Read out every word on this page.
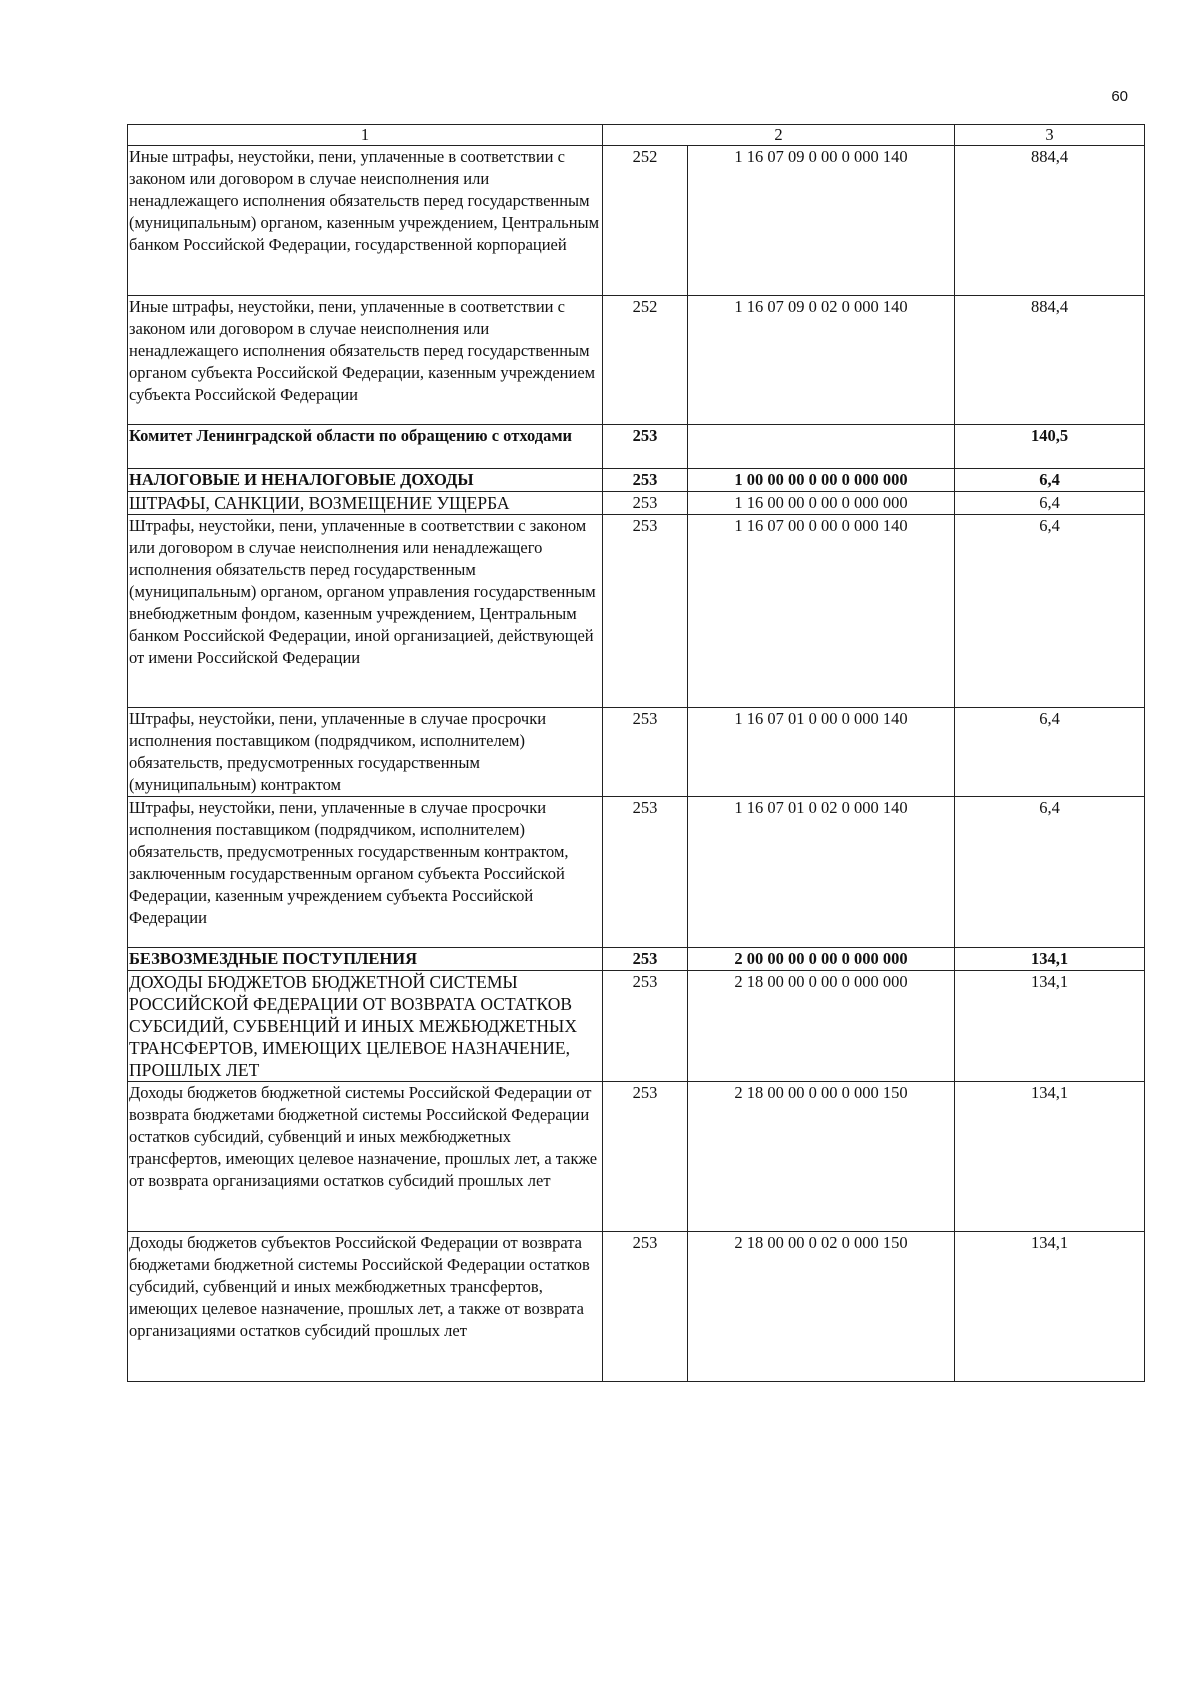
60
1	2		3
Иные штрафы, неустойки, пени, уплаченные в соответствии с законом или договором в случае неисполнения или ненадлежащего исполнения обязательств перед государственным (муниципальным) органом, казенным учреждением, Центральным банком Российской Федерации, государственной корпорацией	252	1 16 07 09 0 00 0 000 140	884,4
Иные штрафы, неустойки, пени, уплаченные в соответствии с законом или договором в случае неисполнения или ненадлежащего исполнения обязательств перед государственным органом субъекта Российской Федерации, казенным учреждением субъекта Российской Федерации	252	1 16 07 09 0 02 0 000 140	884,4
Комитет Ленинградской области по обращению с отходами	253		140,5
НАЛОГОВЫЕ И НЕНАЛОГОВЫЕ ДОХОДЫ	253	1 00 00 00 0 00 0 000 000	6,4
ШТРАФЫ, САНКЦИИ, ВОЗМЕЩЕНИЕ УЩЕРБА	253	1 16 00 00 0 00 0 000 000	6,4
Штрафы, неустойки, пени, уплаченные в соответствии с законом или договором в случае неисполнения или ненадлежащего исполнения обязательств перед государственным (муниципальным) органом, органом управления государственным внебюджетным фондом, казенным учреждением, Центральным банком Российской Федерации, иной организацией, действующей от имени Российской Федерации	253	1 16 07 00 0 00 0 000 140	6,4
Штрафы, неустойки, пени, уплаченные в случае просрочки исполнения поставщиком (подрядчиком, исполнителем) обязательств, предусмотренных государственным (муниципальным) контрактом	253	1 16 07 01 0 00 0 000 140	6,4
Штрафы, неустойки, пени, уплаченные в случае просрочки исполнения поставщиком (подрядчиком, исполнителем) обязательств, предусмотренных государственным контрактом, заключенным государственным органом субъекта Российской Федерации, казенным учреждением субъекта Российской Федерации	253	1 16 07 01 0 02 0 000 140	6,4
БЕЗВОЗМЕЗДНЫЕ ПОСТУПЛЕНИЯ	253	2 00 00 00 0 00 0 000 000	134,1
ДОХОДЫ БЮДЖЕТОВ БЮДЖЕТНОЙ СИСТЕМЫ РОССИЙСКОЙ ФЕДЕРАЦИИ ОТ ВОЗВРАТА ОСТАТКОВ СУБСИДИЙ, СУБВЕНЦИЙ И ИНЫХ МЕЖБЮДЖЕТНЫХ ТРАНСФЕРТОВ, ИМЕЮЩИХ ЦЕЛЕВОЕ НАЗНАЧЕНИЕ, ПРОШЛЫХ ЛЕТ	253	2 18 00 00 0 00 0 000 000	134,1
Доходы бюджетов бюджетной системы Российской Федерации от возврата бюджетами бюджетной системы Российской Федерации остатков субсидий, субвенций и иных межбюджетных трансфертов, имеющих целевое назначение, прошлых лет, а также от возврата организациями остатков субсидий прошлых лет	253	2 18 00 00 0 00 0 000 150	134,1
Доходы бюджетов субъектов Российской Федерации от возврата бюджетами бюджетной системы Российской Федерации остатков субсидий, субвенций и иных межбюджетных трансфертов, имеющих целевое назначение, прошлых лет, а также от возврата организациями остатков субсидий прошлых лет	253	2 18 00 00 0 02 0 000 150	134,1
